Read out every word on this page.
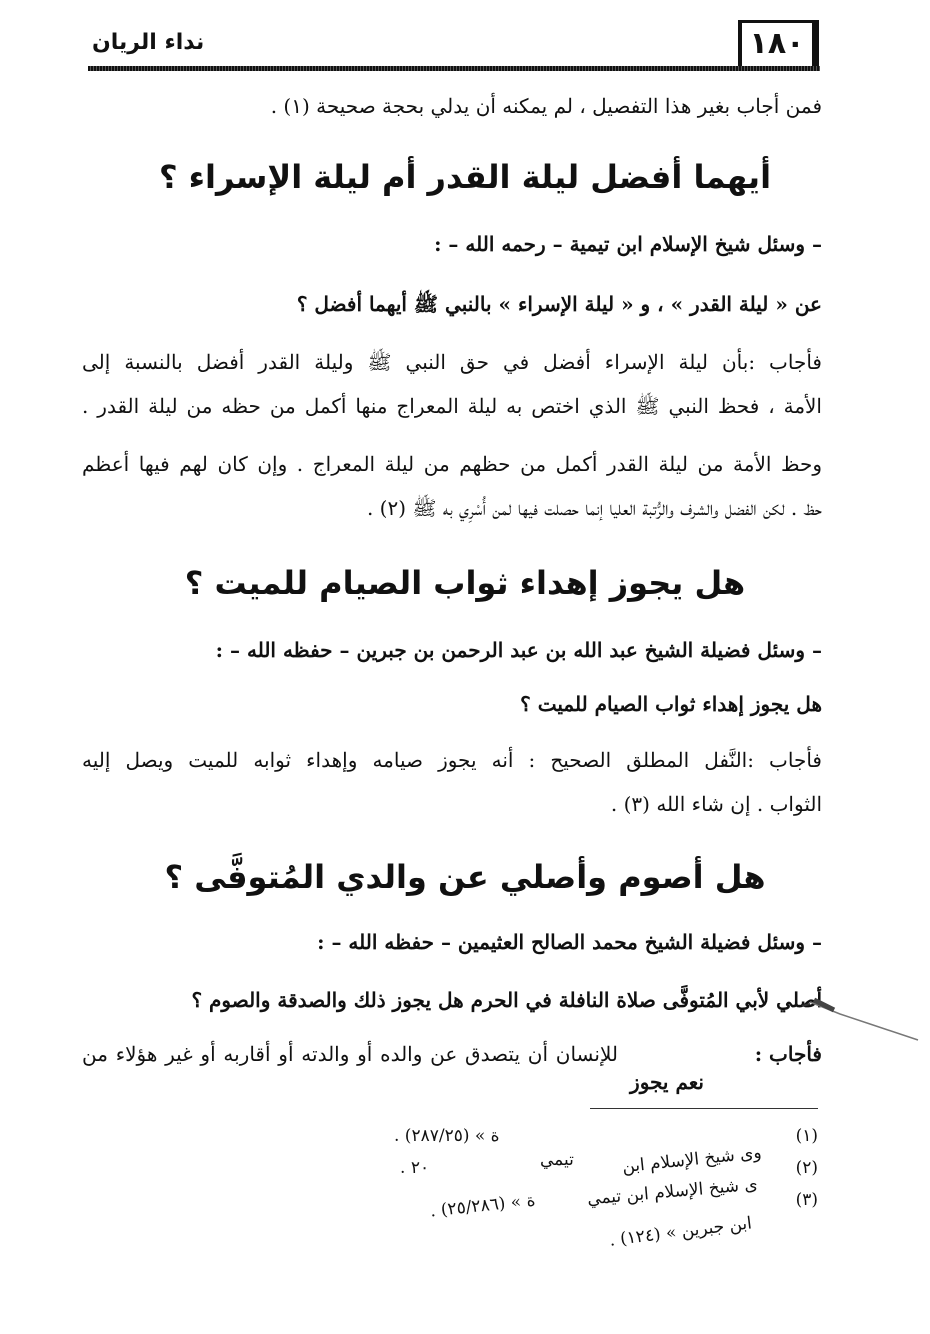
١٨٠
نداء الريان
فمن أجاب بغير هذا التفصيل ، لم يمكنه أن يدلي بحجة صحيحة (١) .
أيهما أفضل ليلة القدر أم ليلة الإسراء ؟
– وسئل شيخ الإسلام ابن تيمية – رحمه الله – :
عن « ليلة القدر » ، و « ليلة الإسراء » بالنبي ﷺ أيهما أفضل ؟
فأجاب :بأن ليلة الإسراء أفضل في حق النبي ﷺ وليلة القدر أفضل بالنسبة إلى
الأمة ، فحظ النبي ﷺ الذي اختص به ليلة المعراج منها أكمل من حظه من ليلة القدر .
وحظ الأمة من ليلة القدر أكمل من حظهم من ليلة المعراج . وإن كان لهم فيها أعظم
حظ . لكن الفضل والشرف والرُّتبة العليا إنما حصلت فيها لمن أُسْرِي به ﷺ (٢) .
هل يجوز إهداء ثواب الصيام للميت ؟
– وسئل فضيلة الشيخ عبد الله بن عبد الرحمن بن جبرين – حفظه الله – :
هل يجوز إهداء ثواب الصيام للميت ؟
فأجاب :النَّفل المطلق الصحيح : أنه يجوز صيامه وإهداء ثوابه للميت ويصل إليه
الثواب . إن شاء الله (٣) .
هل أصوم وأصلي عن والدي المُتوفَّى ؟
– وسئل فضيلة الشيخ محمد الصالح العثيمين – حفظه الله – :
أصلي لأبي المُتوفَّى صلاة النافلة في الحرم هل يجوز ذلك والصدقة والصوم ؟
فأجاب :
للإنسان أن يتصدق عن والده أو والدته أو أقاربه أو غير هؤلاء من
نعم يجوز
(١)
(٢)
(٣)
وى شيخ الإسلام ابن
ة » (٢٨٧/٢٥) .
تيمي
٢٠ .
ى شيخ الإسلام ابن تيمي
ابن جبرين » (١٢٤) .
ة » (٢٥/٢٨٦) .
